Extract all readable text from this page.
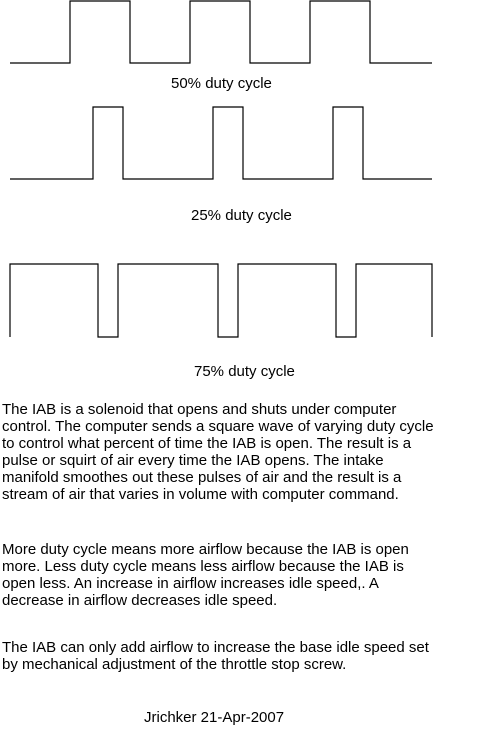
50% duty cycle
25% duty cycle
75% duty cycle

The IAB is a solenoid that opens and shuts under computer
control. The computer sends a square wave of varying duty cycle
to control what percent of time the IAB is open. The result is a
pulse or squirt of air every time the IAB opens. The intake
manifold smoothes out these pulses of air and the result is a
stream of air that varies in volume with computer command.

More duty cycle means more airflow because the IAB is open
more. Less duty cycle means less airflow because the IAB is
open less. An increase in airflow increases idle speed,. A
decrease in airflow decreases idle speed.

The IAB can only add airflow to increase the base idle speed set
by mechanical adjustment of the throttle stop screw.

Jrichker 21-Apr-2007
